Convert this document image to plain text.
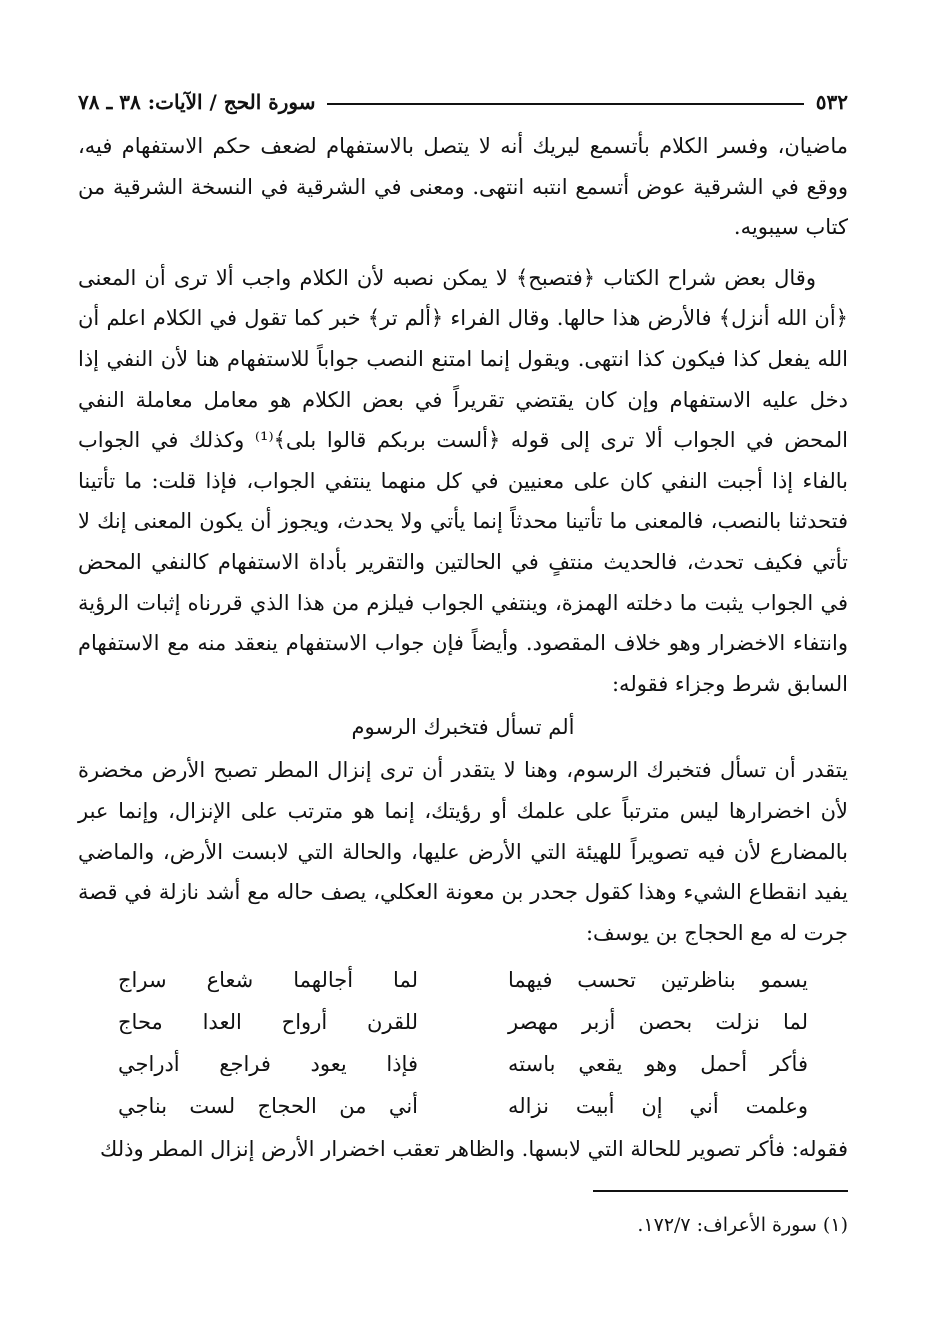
٥٣٢
سورة الحج / الآيات: ٣٨ ـ ٧٨

ماضيان، وفسر الكلام بأتسمع ليريك أنه لا يتصل بالاستفهام لضعف حكم الاستفهام فيه، ووقع في الشرقية عوض أتسمع انتبه انتهى. ومعنى في الشرقية في النسخة الشرقية من كتاب سيبويه.

وقال بعض شراح الكتاب ﴿فتصبح﴾ لا يمكن نصبه لأن الكلام واجب ألا ترى أن المعنى ﴿أن الله أنزل﴾ فالأرض هذا حالها. وقال الفراء ﴿ألم تر﴾ خبر كما تقول في الكلام اعلم أن الله يفعل كذا فيكون كذا انتهى. ويقول إنما امتنع النصب جواباً للاستفهام هنا لأن النفي إذا دخل عليه الاستفهام وإن كان يقتضي تقريراً في بعض الكلام هو معامل معاملة النفي المحض في الجواب ألا ترى إلى قوله ﴿ألست بربكم قالوا بلى﴾⁽¹⁾ وكذلك في الجواب بالفاء إذا أجبت النفي كان على معنيين في كل منهما ينتفي الجواب، فإذا قلت: ما تأتينا فتحدثنا بالنصب، فالمعنى ما تأتينا محدثاً إنما يأتي ولا يحدث، ويجوز أن يكون المعنى إنك لا تأتي فكيف تحدث، فالحديث منتفٍ في الحالتين والتقرير بأداة الاستفهام كالنفي المحض في الجواب يثبت ما دخلته الهمزة، وينتفي الجواب فيلزم من هذا الذي قررناه إثبات الرؤية وانتفاء الاخضرار وهو خلاف المقصود. وأيضاً فإن جواب الاستفهام ينعقد منه مع الاستفهام السابق شرط وجزاء فقوله:

ألم تسأل فتخبرك الرسوم

يتقدر أن تسأل فتخبرك الرسوم، وهنا لا يتقدر أن ترى إنزال المطر تصبح الأرض مخضرة لأن اخضرارها ليس مترتباً على علمك أو رؤيتك، إنما هو مترتب على الإنزال، وإنما عبر بالمضارع لأن فيه تصويراً للهيئة التي الأرض عليها، والحالة التي لابست الأرض، والماضي يفيد انقطاع الشيء وهذا كقول جحدر بن معونة العكلي، يصف حاله مع أشد نازلة في قصة جرت له مع الحجاج بن يوسف:

يسمو بناظرتين تحسب فيهما
لما أجالهما شعاع سراج
لما نزلت بحصن أزبر مهصر
للقرن أرواح العدا محاج
فأكر أحمل وهو يقعي باسته
فإذا يعود فراجع أدراجي
وعلمت أني إن أبيت نزاله
أني من الحجاج لست بناجي

فقوله: فأكر تصوير للحالة التي لابسها. والظاهر تعقب اخضرار الأرض إنزال المطر وذلك

(١) سورة الأعراف: ١٧٢/٧.
